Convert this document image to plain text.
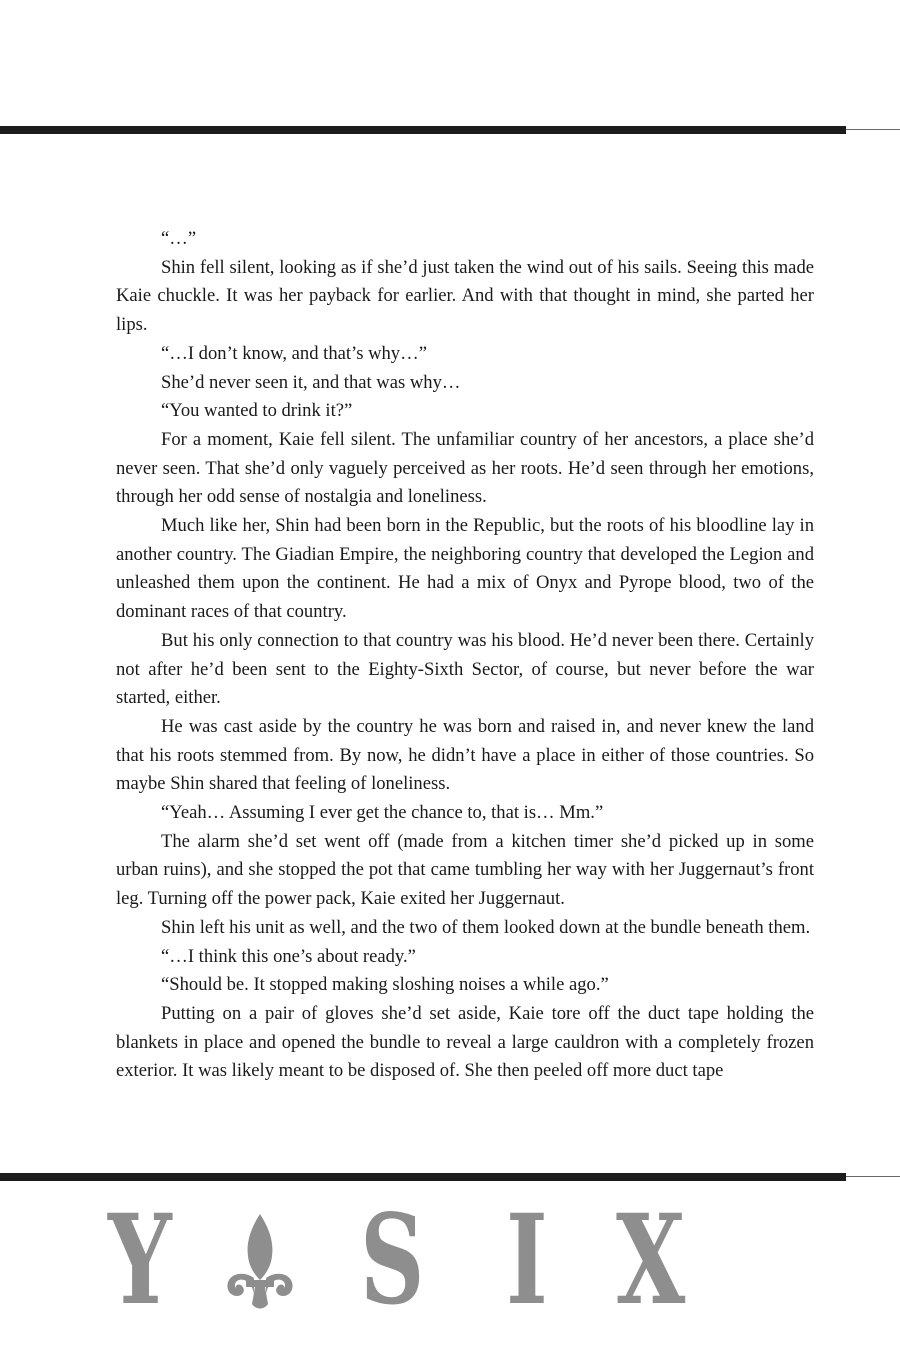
“…”

Shin fell silent, looking as if she’d just taken the wind out of his sails. Seeing this made Kaie chuckle. It was her payback for earlier. And with that thought in mind, she parted her lips.

“…I don’t know, and that’s why…”

She’d never seen it, and that was why…

“You wanted to drink it?”

For a moment, Kaie fell silent. The unfamiliar country of her ancestors, a place she’d never seen. That she’d only vaguely perceived as her roots. He’d seen through her emotions, through her odd sense of nostalgia and loneliness.

Much like her, Shin had been born in the Republic, but the roots of his bloodline lay in another country. The Giadian Empire, the neighboring country that developed the Legion and unleashed them upon the continent. He had a mix of Onyx and Pyrope blood, two of the dominant races of that country.

But his only connection to that country was his blood. He’d never been there. Certainly not after he’d been sent to the Eighty-Sixth Sector, of course, but never before the war started, either.

He was cast aside by the country he was born and raised in, and never knew the land that his roots stemmed from. By now, he didn’t have a place in either of those countries. So maybe Shin shared that feeling of loneliness.

“Yeah… Assuming I ever get the chance to, that is… Mm.”

The alarm she’d set went off (made from a kitchen timer she’d picked up in some urban ruins), and she stopped the pot that came tumbling her way with her Juggernaut’s front leg. Turning off the power pack, Kaie exited her Juggernaut.

Shin left his unit as well, and the two of them looked down at the bundle beneath them.

“…I think this one’s about ready.”

“Should be. It stopped making sloshing noises a while ago.”

Putting on a pair of gloves she’d set aside, Kaie tore off the duct tape holding the blankets in place and opened the bundle to reveal a large cauldron with a completely frozen exterior. It was likely meant to be disposed of. She then peeled off more duct tape

Y S I X
